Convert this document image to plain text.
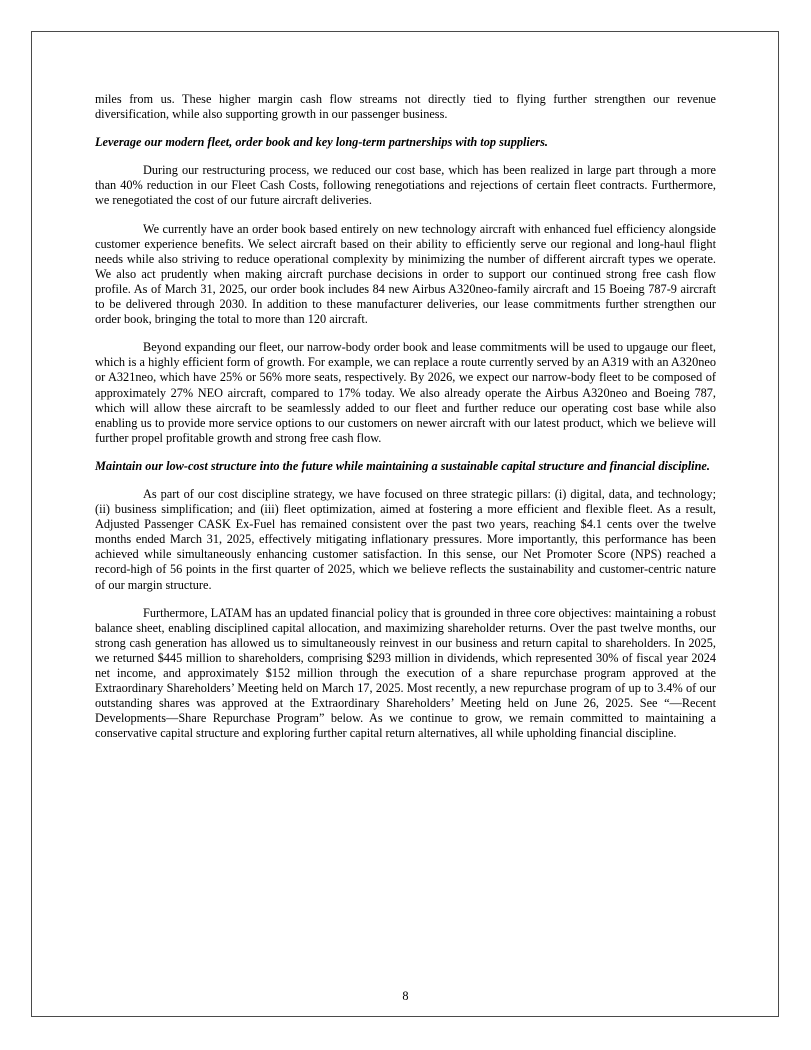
miles from us. These higher margin cash flow streams not directly tied to flying further strengthen our revenue diversification, while also supporting growth in our passenger business.

Leverage our modern fleet, order book and key long-term partnerships with top suppliers.

During our restructuring process, we reduced our cost base, which has been realized in large part through a more than 40% reduction in our Fleet Cash Costs, following renegotiations and rejections of certain fleet contracts. Furthermore, we renegotiated the cost of our future aircraft deliveries.

We currently have an order book based entirely on new technology aircraft with enhanced fuel efficiency alongside customer experience benefits. We select aircraft based on their ability to efficiently serve our regional and long-haul flight needs while also striving to reduce operational complexity by minimizing the number of different aircraft types we operate. We also act prudently when making aircraft purchase decisions in order to support our continued strong free cash flow profile. As of March 31, 2025, our order book includes 84 new Airbus A320neo-family aircraft and 15 Boeing 787-9 aircraft to be delivered through 2030. In addition to these manufacturer deliveries, our lease commitments further strengthen our order book, bringing the total to more than 120 aircraft.

Beyond expanding our fleet, our narrow-body order book and lease commitments will be used to upgauge our fleet, which is a highly efficient form of growth. For example, we can replace a route currently served by an A319 with an A320neo or A321neo, which have 25% or 56% more seats, respectively. By 2026, we expect our narrow-body fleet to be composed of approximately 27% NEO aircraft, compared to 17% today. We also already operate the Airbus A320neo and Boeing 787, which will allow these aircraft to be seamlessly added to our fleet and further reduce our operating cost base while also enabling us to provide more service options to our customers on newer aircraft with our latest product, which we believe will further propel profitable growth and strong free cash flow.

Maintain our low-cost structure into the future while maintaining a sustainable capital structure and financial discipline.

As part of our cost discipline strategy, we have focused on three strategic pillars: (i) digital, data, and technology; (ii) business simplification; and (iii) fleet optimization, aimed at fostering a more efficient and flexible fleet. As a result, Adjusted Passenger CASK Ex-Fuel has remained consistent over the past two years, reaching $4.1 cents over the twelve months ended March 31, 2025, effectively mitigating inflationary pressures. More importantly, this performance has been achieved while simultaneously enhancing customer satisfaction. In this sense, our Net Promoter Score (NPS) reached a record-high of 56 points in the first quarter of 2025, which we believe reflects the sustainability and customer-centric nature of our margin structure.

Furthermore, LATAM has an updated financial policy that is grounded in three core objectives: maintaining a robust balance sheet, enabling disciplined capital allocation, and maximizing shareholder returns. Over the past twelve months, our strong cash generation has allowed us to simultaneously reinvest in our business and return capital to shareholders. In 2025, we returned $445 million to shareholders, comprising $293 million in dividends, which represented 30% of fiscal year 2024 net income, and approximately $152 million through the execution of a share repurchase program approved at the Extraordinary Shareholders’ Meeting held on March 17, 2025. Most recently, a new repurchase program of up to 3.4% of our outstanding shares was approved at the Extraordinary Shareholders’ Meeting held on June 26, 2025. See “—Recent Developments—Share Repurchase Program” below. As we continue to grow, we remain committed to maintaining a conservative capital structure and exploring further capital return alternatives, all while upholding financial discipline.

8
